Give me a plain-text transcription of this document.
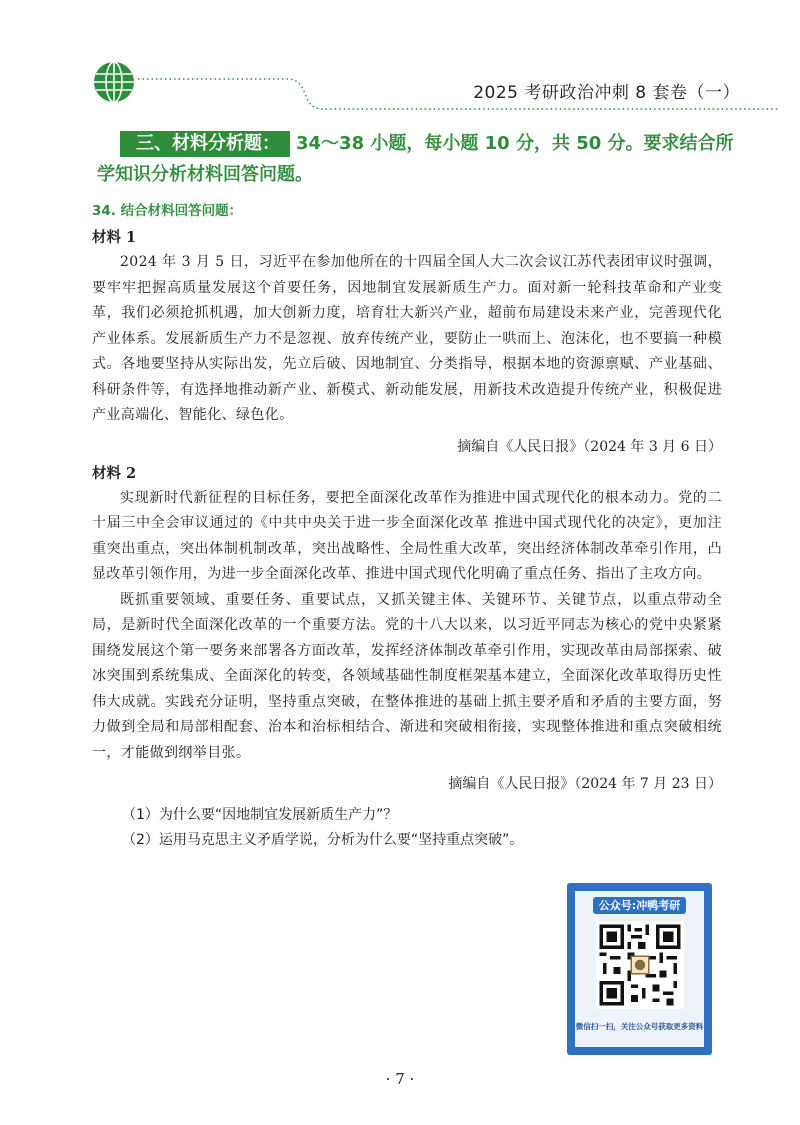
2025 考研政治冲刺 8 套卷（一）
三、材料分析题： 34～38 小题，每小题 10 分，共 50 分。要求结合所学知识分析材料回答问题。

34. 结合材料回答问题：

材料 1

2024 年 3 月 5 日，习近平在参加他所在的十四届全国人大二次会议江苏代表团审议时强调，要牢牢把握高质量发展这个首要任务，因地制宜发展新质生产力。面对新一轮科技革命和产业变革，我们必须抢抓机遇，加大创新力度，培育壮大新兴产业，超前布局建设未来产业，完善现代化产业体系。发展新质生产力不是忽视、放弃传统产业，要防止一哄而上、泡沫化，也不要搞一种模式。各地要坚持从实际出发，先立后破、因地制宜、分类指导，根据本地的资源禀赋、产业基础、科研条件等，有选择地推动新产业、新模式、新动能发展，用新技术改造提升传统产业，积极促进产业高端化、智能化、绿色化。

摘编自《人民日报》（2024 年 3 月 6 日）

材料 2

实现新时代新征程的目标任务，要把全面深化改革作为推进中国式现代化的根本动力。党的二十届三中全会审议通过的《中共中央关于进一步全面深化改革 推进中国式现代化的决定》，更加注重突出重点，突出体制机制改革，突出战略性、全局性重大改革，突出经济体制改革牵引作用，凸显改革引领作用，为进一步全面深化改革、推进中国式现代化明确了重点任务、指出了主攻方向。

既抓重要领域、重要任务、重要试点，又抓关键主体、关键环节、关键节点，以重点带动全局，是新时代全面深化改革的一个重要方法。党的十八大以来，以习近平同志为核心的党中央紧紧围绕发展这个第一要务来部署各方面改革，发挥经济体制改革牵引作用，实现改革由局部探索、破冰突围到系统集成、全面深化的转变，各领域基础性制度框架基本建立，全面深化改革取得历史性伟大成就。实践充分证明，坚持重点突破，在整体推进的基础上抓主要矛盾和矛盾的主要方面，努力做到全局和局部相配套、治本和治标相结合、渐进和突破相衔接，实现整体推进和重点突破相统一，才能做到纲举目张。

摘编自《人民日报》（2024 年 7 月 23 日）

（1）为什么要“因地制宜发展新质生产力”？

（2）运用马克思主义矛盾学说，分析为什么要“坚持重点突破”。

公众号:冲鸭考研
微信扫一扫，关注公众号获取更多资料
· 7 ·
